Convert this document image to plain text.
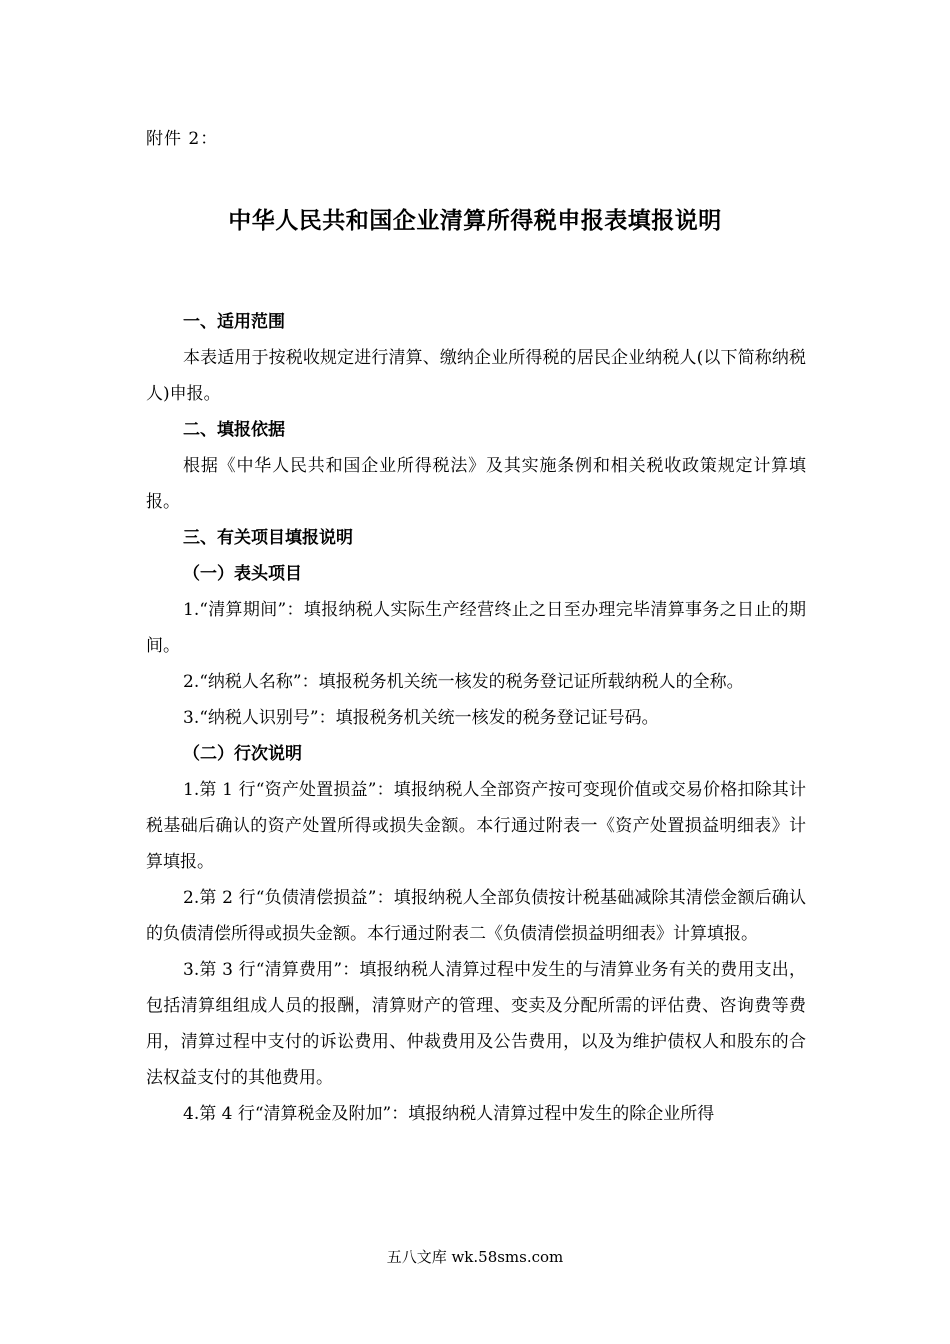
附件 2：
中华人民共和国企业清算所得税申报表填报说明

一、适用范围

本表适用于按税收规定进行清算、缴纳企业所得税的居民企业纳税人(以下简称纳税人)申报。

二、填报依据

根据《中华人民共和国企业所得税法》及其实施条例和相关税收政策规定计算填报。

三、有关项目填报说明

（一）表头项目

1.“清算期间”：填报纳税人实际生产经营终止之日至办理完毕清算事务之日止的期间。

2.“纳税人名称”：填报税务机关统一核发的税务登记证所载纳税人的全称。

3.“纳税人识别号”：填报税务机关统一核发的税务登记证号码。

（二）行次说明

1.第 1 行“资产处置损益”：填报纳税人全部资产按可变现价值或交易价格扣除其计税基础后确认的资产处置所得或损失金额。本行通过附表一《资产处置损益明细表》计算填报。

2.第 2 行“负债清偿损益”：填报纳税人全部负债按计税基础减除其清偿金额后确认的负债清偿所得或损失金额。本行通过附表二《负债清偿损益明细表》计算填报。

3.第 3 行“清算费用”：填报纳税人清算过程中发生的与清算业务有关的费用支出，包括清算组组成人员的报酬，清算财产的管理、变卖及分配所需的评估费、咨询费等费用，清算过程中支付的诉讼费用、仲裁费用及公告费用，以及为维护债权人和股东的合法权益支付的其他费用。

4.第 4 行“清算税金及附加”：填报纳税人清算过程中发生的除企业所得

五八文库 wk.58sms.com
